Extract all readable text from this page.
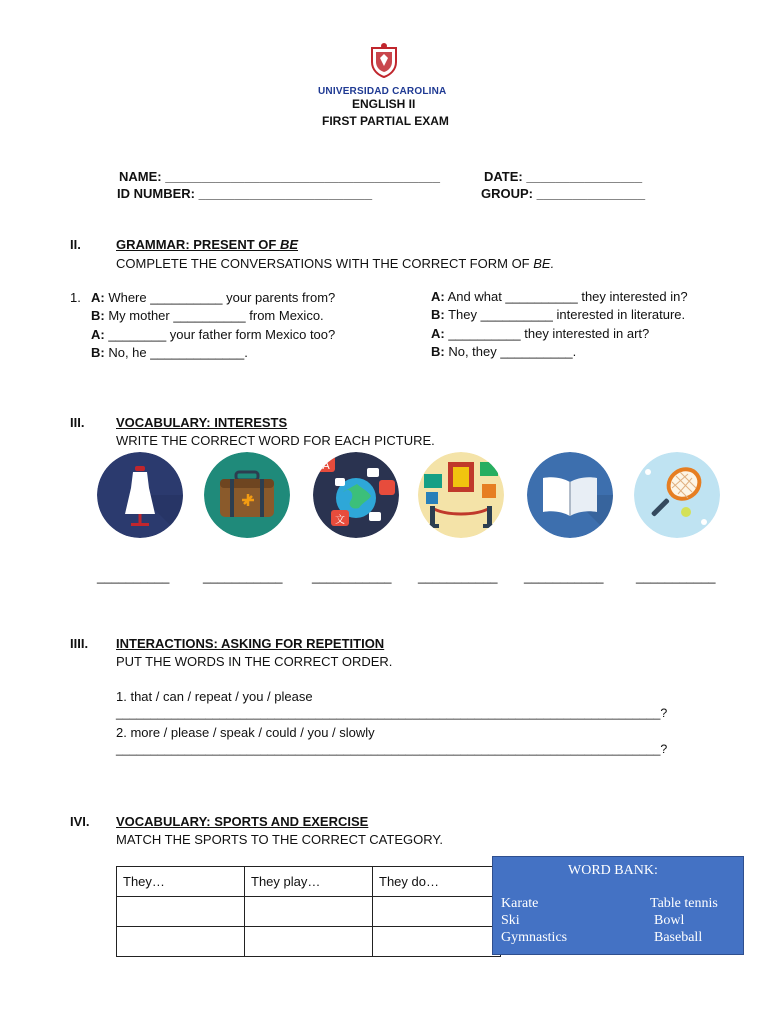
UNIVERSIDAD CAROLINA
ENGLISH II
FIRST PARTIAL EXAM
NAME: ______________________________________	DATE: ________________
ID NUMBER: ________________________	GROUP: _______________
II.	GRAMMAR: PRESENT OF BE
COMPLETE THE CONVERSATIONS WITH THE CORRECT FORM OF BE.
1. A: Where __________ your parents from?
B: My mother __________ from Mexico.
A: ________ your father form Mexico too?
B: No, he _____________.
A: And what __________ they interested in?
B: They __________ interested in literature.
A: __________ they interested in art?
B: No, they __________.
III. VOCABULARY: INTERESTS
WRITE THE CORRECT WORD FOR EACH PICTURE.
A
文
__________	___________ ___________ ___________ ___________ ___________
IIII. INTERACTIONS: ASKING FOR REPETITION
PUT THE WORDS IN THE CORRECT ORDER.
1. that / can / repeat / you / please
_______________________________________________________________________________?
2. more / please / speak / could / you / slowly
_______________________________________________________________________________?
IVI. VOCABULARY: SPORTS AND EXERCISE
MATCH THE SPORTS TO THE CORRECT CATEGORY.
They…	They play…	They do…

WORD BANK:
Karate
Ski
Gymnastics
Table tennis
Bowl
Baseball
